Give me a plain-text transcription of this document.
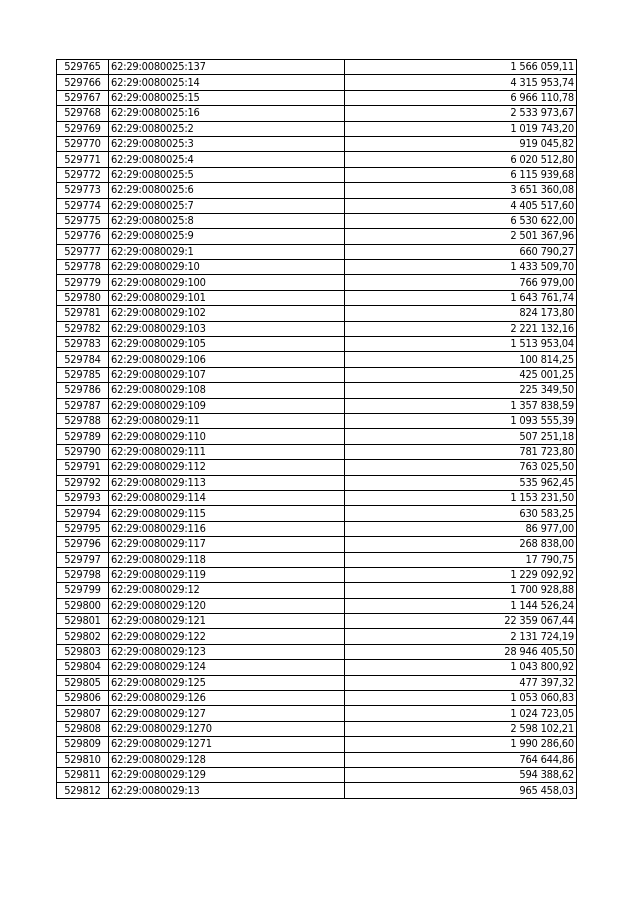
529765	62:29:0080025:137	1 566 059,11
529766	62:29:0080025:14	4 315 953,74
529767	62:29:0080025:15	6 966 110,78
529768	62:29:0080025:16	2 533 973,67
529769	62:29:0080025:2	1 019 743,20
529770	62:29:0080025:3	919 045,82
529771	62:29:0080025:4	6 020 512,80
529772	62:29:0080025:5	6 115 939,68
529773	62:29:0080025:6	3 651 360,08
529774	62:29:0080025:7	4 405 517,60
529775	62:29:0080025:8	6 530 622,00
529776	62:29:0080025:9	2 501 367,96
529777	62:29:0080029:1	660 790,27
529778	62:29:0080029:10	1 433 509,70
529779	62:29:0080029:100	766 979,00
529780	62:29:0080029:101	1 643 761,74
529781	62:29:0080029:102	824 173,80
529782	62:29:0080029:103	2 221 132,16
529783	62:29:0080029:105	1 513 953,04
529784	62:29:0080029:106	100 814,25
529785	62:29:0080029:107	425 001,25
529786	62:29:0080029:108	225 349,50
529787	62:29:0080029:109	1 357 838,59
529788	62:29:0080029:11	1 093 555,39
529789	62:29:0080029:110	507 251,18
529790	62:29:0080029:111	781 723,80
529791	62:29:0080029:112	763 025,50
529792	62:29:0080029:113	535 962,45
529793	62:29:0080029:114	1 153 231,50
529794	62:29:0080029:115	630 583,25
529795	62:29:0080029:116	86 977,00
529796	62:29:0080029:117	268 838,00
529797	62:29:0080029:118	17 790,75
529798	62:29:0080029:119	1 229 092,92
529799	62:29:0080029:12	1 700 928,88
529800	62:29:0080029:120	1 144 526,24
529801	62:29:0080029:121	22 359 067,44
529802	62:29:0080029:122	2 131 724,19
529803	62:29:0080029:123	28 946 405,50
529804	62:29:0080029:124	1 043 800,92
529805	62:29:0080029:125	477 397,32
529806	62:29:0080029:126	1 053 060,83
529807	62:29:0080029:127	1 024 723,05
529808	62:29:0080029:1270	2 598 102,21
529809	62:29:0080029:1271	1 990 286,60
529810	62:29:0080029:128	764 644,86
529811	62:29:0080029:129	594 388,62
529812	62:29:0080029:13	965 458,03
